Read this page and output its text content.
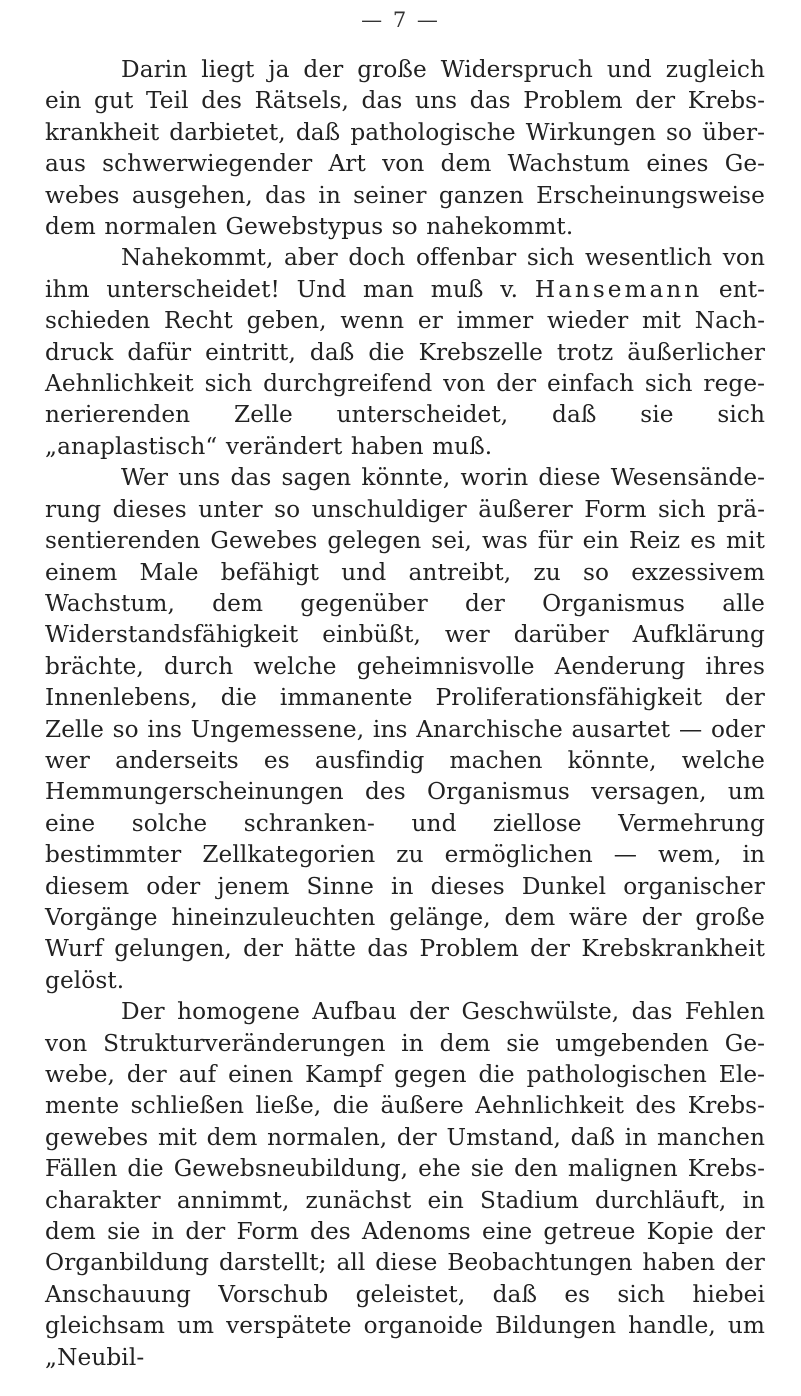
— 7 —

Darin liegt ja der große Widerspruch und zugleich ein gut Teil des Rätsels, das uns das Problem der Krebskrankheit darbietet, daß pathologische Wirkungen so überaus schwerwiegender Art von dem Wachstum eines Gewebes ausgehen, das in seiner ganzen Erscheinungsweise dem normalen Gewebstypus so nahekommt.

Nahekommt, aber doch offenbar sich wesentlich von ihm unterscheidet! Und man muß v. Hansemann entschieden Recht geben, wenn er immer wieder mit Nachdruck dafür eintritt, daß die Krebszelle trotz äußerlicher Aehnlichkeit sich durchgreifend von der einfach sich regenerierenden Zelle unterscheidet, daß sie sich „anaplastisch“ verändert haben muß.

Wer uns das sagen könnte, worin diese Wesensänderung dieses unter so unschuldiger äußerer Form sich präsentierenden Gewebes gelegen sei, was für ein Reiz es mit einem Male befähigt und antreibt, zu so exzessivem Wachstum, dem gegenüber der Organismus alle Widerstandsfähigkeit einbüßt, wer darüber Aufklärung brächte, durch welche geheimnisvolle Aenderung ihres Innenlebens, die immanente Proliferationsfähigkeit der Zelle so ins Ungemessene, ins Anarchische ausartet — oder wer anderseits es ausfindig machen könnte, welche Hemmungerscheinungen des Organismus versagen, um eine solche schranken- und ziellose Vermehrung bestimmter Zellkategorien zu ermöglichen — wem, in diesem oder jenem Sinne in dieses Dunkel organischer Vorgänge hineinzuleuchten gelänge, dem wäre der große Wurf gelungen, der hätte das Problem der Krebskrankheit gelöst.

Der homogene Aufbau der Geschwülste, das Fehlen von Strukturveränderungen in dem sie umgebenden Gewebe, der auf einen Kampf gegen die pathologischen Elemente schließen ließe, die äußere Aehnlichkeit des Krebsgewebes mit dem normalen, der Umstand, daß in manchen Fällen die Gewebsneubildung, ehe sie den malignen Krebscharakter annimmt, zunächst ein Stadium durchläuft, in dem sie in der Form des Adenoms eine getreue Kopie der Organbildung darstellt; all diese Beobachtungen haben der Anschauung Vorschub geleistet, daß es sich hiebei gleichsam um verspätete organoide Bildungen handle, um „Neubil-
